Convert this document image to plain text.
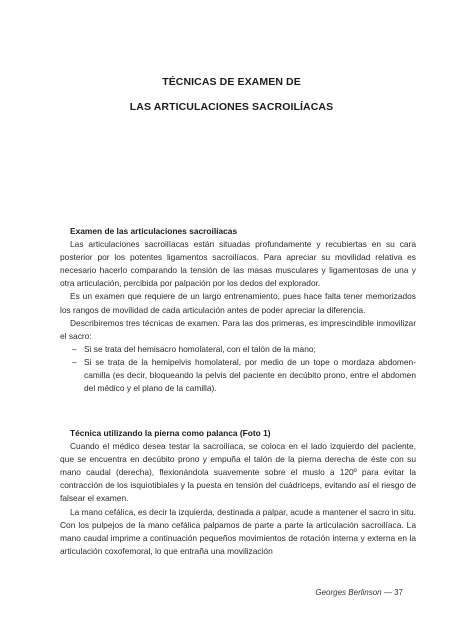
TÉCNICAS DE EXAMEN DE
LAS ARTICULACIONES SACROILÍACAS
Examen de las articulaciones sacroilíacas

Las articulaciones sacroilíacas están situadas profundamente y recubiertas en su cara posterior por los potentes ligamentos sacroilíacos. Para apreciar su movilidad relativa es necesario hacerlo comparando la tensión de las masas musculares y ligamentosas de una y otra articulación, percibida por palpación por los dedos del explorador.

Es un examen que requiere de un largo entrenamiento, pues hace falta tener memorizados los rangos de movilidad de cada articulación antes de poder apreciar la diferencia.

Describiremos tres técnicas de examen. Para las dos primeras, es imprescindible inmovilizar el sacro:

– Si se trata del hemisacro homolateral, con el talón de la mano;
– Si se trata de la hemipelvis homolateral, por medio de un tope o mordaza abdomen-camilla (es decir, bloqueando la pelvis del paciente en decúbito prono, entre el abdomen del médico y el plano de la camilla).
Técnica utilizando la pierna como palanca (Foto 1)

Cuando el médico desea testar la sacroilíaca, se coloca en el lado izquierdo del paciente, que se encuentra en decúbito prono y empuña el talón de la pierna derecha de éste con su mano caudal (derecha), flexionándola suavemente sobre el muslo a 120º para evitar la contracción de los isquiotibiales y la puesta en tensión del cuádriceps, evitando así el riesgo de falsear el examen.

La mano cefálica, es decir la izquierda, destinada a palpar, acude a mantener el sacro in situ. Con los pulpejos de la mano cefálica palpamos de parte a parte la articulación sacroilíaca. La mano caudal imprime a continuación pequeños movimientos de rotación interna y externa en la articulación coxofemoral, lo que entraña una movilización

Georges Berlinson — 37
